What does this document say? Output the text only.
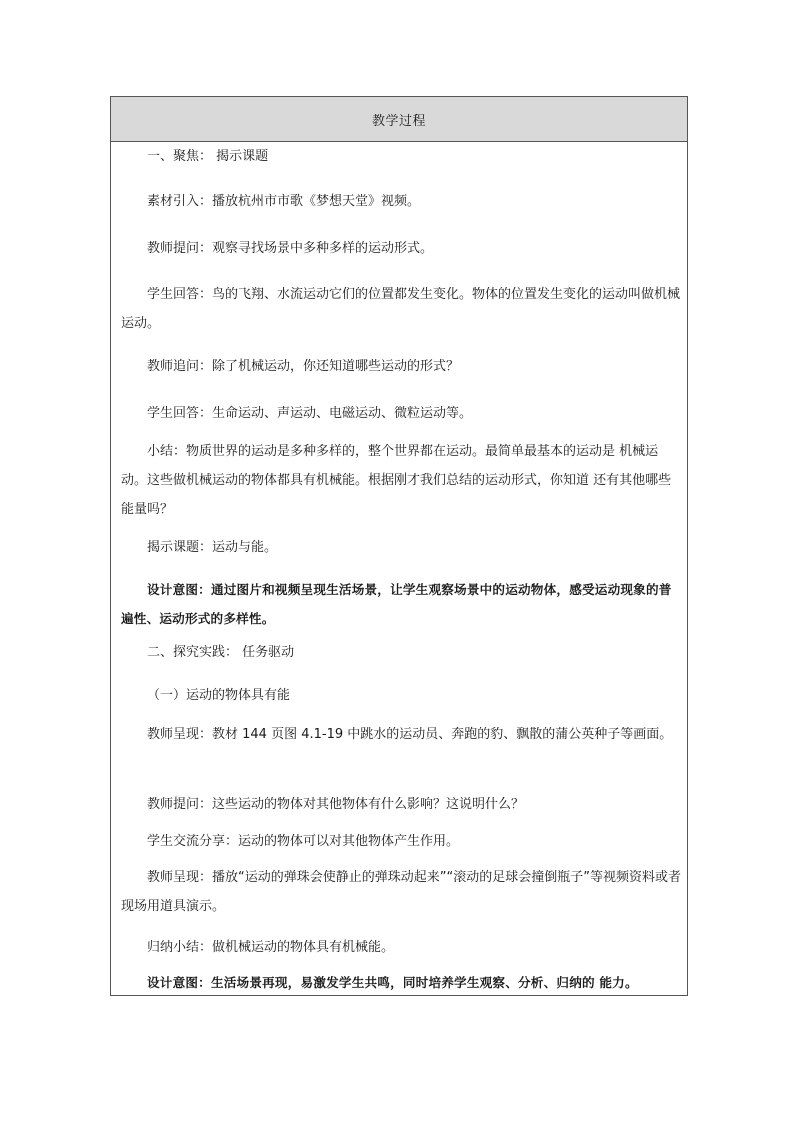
教学过程
一、聚焦： 揭示课题
素材引入：播放杭州市市歌《梦想天堂》视频。
教师提问：观察寻找场景中多种多样的运动形式。
学生回答：鸟的飞翔、水流运动它们的位置都发生变化。物体的位置发生变化的运动叫做机械运动。
教师追问：除了机械运动，你还知道哪些运动的形式？
学生回答：生命运动、声运动、电磁运动、微粒运动等。
小结：物质世界的运动是多种多样的，整个世界都在运动。最简单最基本的运动是 机械运动。这些做机械运动的物体都具有机械能。根据刚才我们总结的运动形式，你知道 还有其他哪些能量吗？
揭示课题：运动与能。
设计意图：通过图片和视频呈现生活场景，让学生观察场景中的运动物体，感受运动现象的普遍性、运动形式的多样性。
二、探究实践： 任务驱动
（一）运动的物体具有能
教师呈现：教材 144 页图 4.1-19 中跳水的运动员、奔跑的豹、飘散的蒲公英种子等画面。
教师提问：这些运动的物体对其他物体有什么影响？这说明什么？
学生交流分享：运动的物体可以对其他物体产生作用。
教师呈现：播放“运动的弹珠会使静止的弹珠动起来”“滚动的足球会撞倒瓶子”等视频资料或者现场用道具演示。
归纳小结：做机械运动的物体具有机械能。
设计意图：生活场景再现，易激发学生共鸣，同时培养学生观察、分析、归纳的 能力。
